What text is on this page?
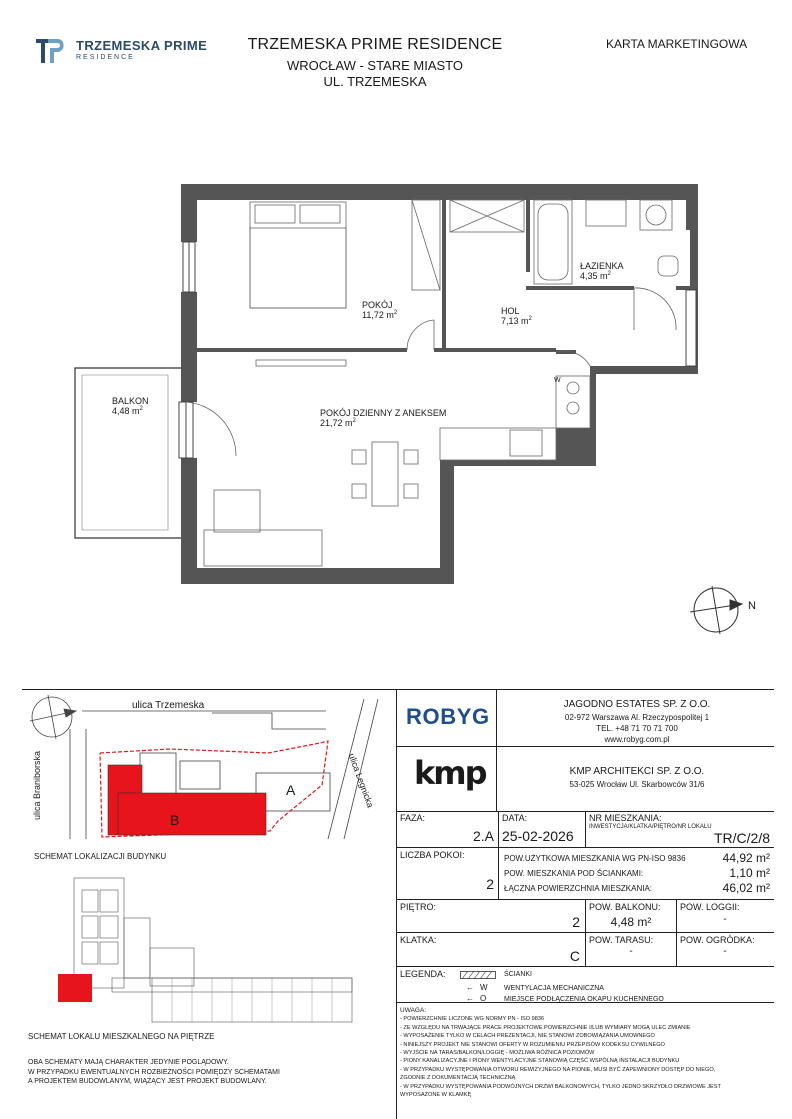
TRZEMESKA PRIME
RESIDENCE
TRZEMESKA PRIME RESIDENCE
WROCŁAW - STARE MIASTO
UL. TRZEMESKA
KARTA MARKETINGOWA
N
W
POKÓJ
11,72 $m^2$	HOL
7,13 $m^2$
ŁAZIENKA
4,35 $m^2$
BALKON
4,48 $m^2$	POKÓJ DZIENNY Z ANEKSEM
21,72 $m^2$
ulica Trzemeska
ulica Braniborska	ulica Legnicka
A
B
SCHEMAT LOKALIZACJI BUDYNKU
SCHEMAT LOKALU MIESZKALNEGO NA PIĘTRZE
OBA SCHEMATY MAJĄ CHARAKTER JEDYNIE POGLĄDOWY.
W PRZYPADKU EWENTUALNYCH ROZBIEŻNOŚCI POMIĘDZY SCHEMATAMI
A PROJEKTEM BUDOWLANYM, WIĄŻĄCY JEST PROJEKT BUDOWLANY.
ROBYG	JAGODNO ESTATES SP. Z O.O.
02-972 Warszawa Al. Rzeczypospolitej 1
TEL. +48 71 70 71 700
www.robyg.com.pl
kmp	KMP ARCHITEKCI SP. Z O.O.
53-025 Wrocław Ul. Skarbowców 31/6
FAZA:
2.A
DATA:
25-02-2026
NR MIESZKANIA:
INWESTYCJA/KLATKA/PIĘTRO/NR LOKALU
TR/C/2/8
LICZBA POKOI:
2
POW.UŻYTKOWA MIESZKANIA WG PN-ISO 9836	44,92 m²
POW. MIESZKANIA POD ŚCIANKAMI:	1,10 m²
ŁĄCZNA POWIERZCHNIA MIESZKANIA:	46,02 m²
PIĘTRO:
2
POW. BALKONU:
4,48 m²
POW. LOGGII:
-
KLATKA:
C
POW. TARASU:
-
POW. OGRÓDKA:
-
LEGENDA:	ŚCIANKI
← W WENTYLACJA MECHANICZNA
← O	MIEJSCE PODŁĄCZENIA OKAPU KUCHENNEGO

UWAGA:

- POWIERZCHNIE LICZONE WG NORMY PN - ISO 9836

- ZE WZGLĘDU NA TRWAJĄCE PRACE PROJEKTOWE POWIERZCHNIE I/LUB WYMIARY MOGĄ ULEC ZMIANIE

- WYPOSAŻENIE TYLKO W CELACH PREZENTACJI, NIE STANOWI ZOBOWIĄZANIA UMOWNEGO

- NINIEJSZY PROJEKT NIE STANOWI OFERTY W ROZUMIENIU PRZEPISÓW KODEKSU CYWILNEGO

- WYJŚCIE NA TARAS/BALKON/LOGGIĘ - MOŻLIWA RÓŻNICA POZIOMÓW

- PIONY KANALIZACYJNE I PIONY WENTYLACYJNE STANOWIĄ CZĘŚĆ WSPÓLNĄ INSTALACJI BUDYNKU

- W PRZYPADKU WYSTĘPOWANIA OTWORU REWIZYJNEGO NA PIONIE, MUSI BYĆ ZAPEWNIONY DOSTĘP DO NIEGO,

ZGODNIE Z DOKUMENTACJĄ TECHNICZNĄ

- W PRZYPADKU WYSTĘPOWANIA PODWÓJNYCH DRZWI BALKONOWYCH, TYLKO JEDNO SKRZYDŁO DRZWIOWE JEST

WYPOSAŻONE W KLAMKĘ
